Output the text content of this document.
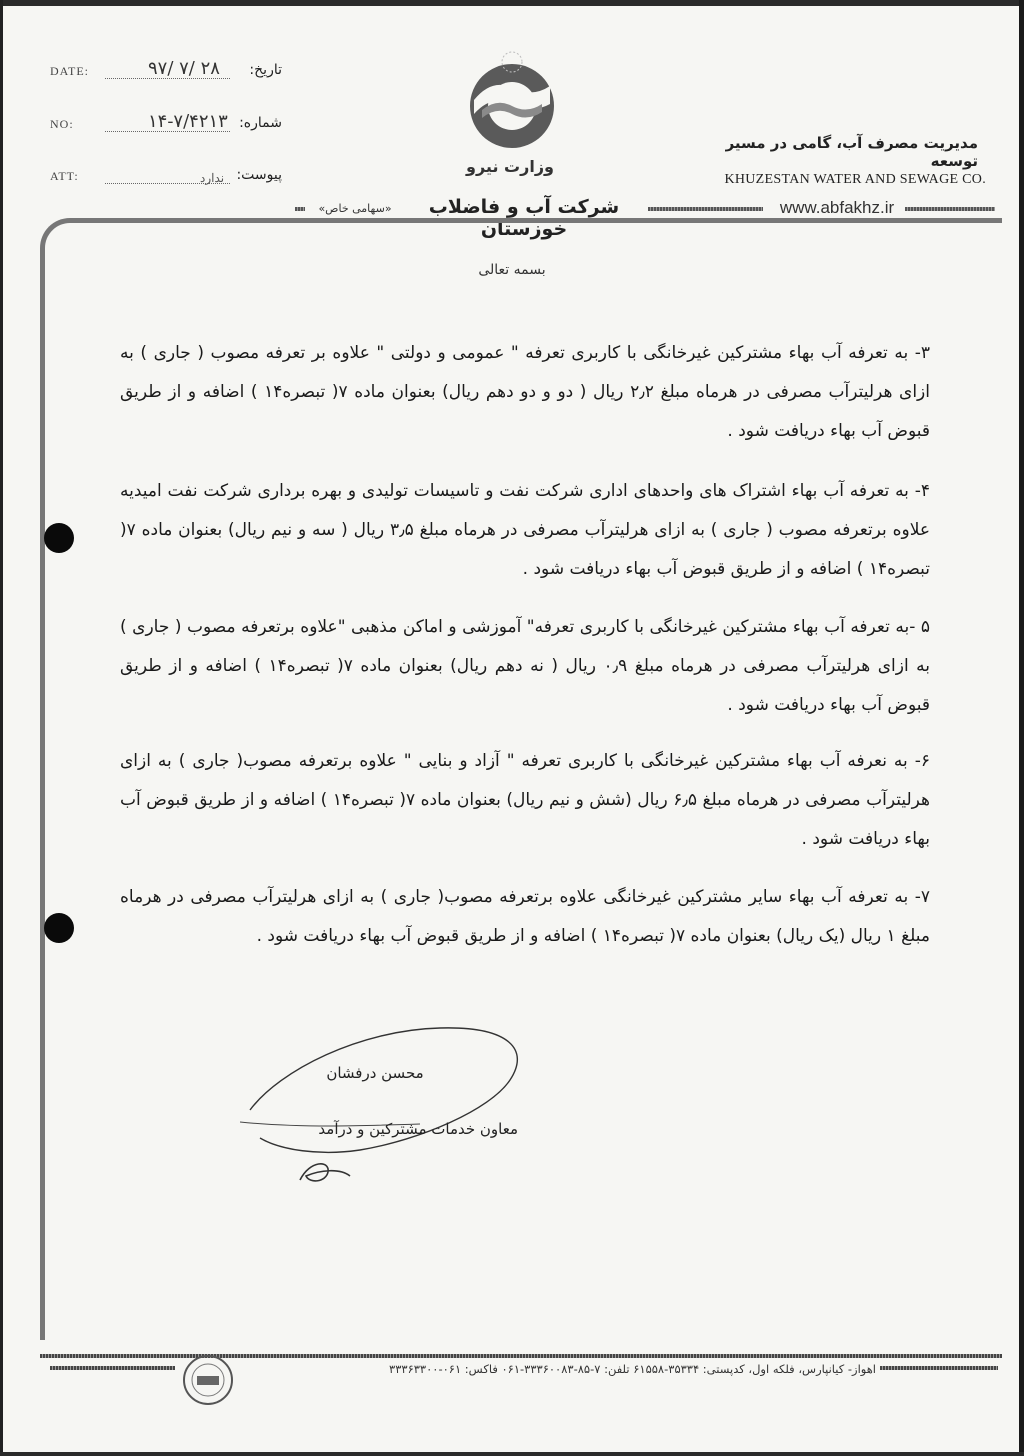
DATE:	۹۷/ ۷/ ۲۸ تاریخ:
NO:	۱۴-۷/۴۲۱۳ شماره:
ATT:	ندارد پیوست:	وزارت نیرو
مدیریت مصرف آب، گامی در مسیر توسعه
KHUZESTAN WATER AND SEWAGE CO.
«سهامی خاص»	شرکت آب و فاضلاب خوزستان
www.abfakhz.ir
بسمه تعالی

۳- به تعرفه آب بهاء مشترکین غیرخانگی با کاربری تعرفه " عمومی و دولتی " علاوه بر تعرفه مصوب ( جاری ) به ازای هرلیترآب مصرفی در هرماه مبلغ ۲٫۲ ریال ( دو و دو دهم ریال) بعنوان ماده ۷( تبصره۱۴ ) اضافه و از طریق قبوض آب بهاء دریافت شود .

۴- به تعرفه آب بهاء اشتراک های واحدهای اداری شرکت نفت و تاسیسات تولیدی و بهره برداری شرکت نفت امیدیه علاوه برتعرفه مصوب ( جاری ) به ازای هرلیترآب مصرفی در هرماه مبلغ ۳٫۵ ریال ( سه و نیم ریال) بعنوان ماده ۷( تبصره۱۴ ) اضافه و از طریق قبوض آب بهاء دریافت شود .

۵ -به تعرفه آب بهاء مشترکین غیرخانگی با کاربری تعرفه" آموزشی و اماکن مذهبی "علاوه برتعرفه مصوب ( جاری ) به ازای هرلیترآب مصرفی در هرماه مبلغ ۰٫۹ ریال ( نه دهم ریال) بعنوان ماده ۷( تبصره۱۴ ) اضافه و از طریق قبوض آب بهاء دریافت شود .

۶- به نعرفه آب بهاء مشترکین غیرخانگی با کاربری تعرفه " آزاد و بنایی " علاوه برتعرفه مصوب( جاری ) به ازای هرلیترآب مصرفی در هرماه مبلغ ۶٫۵ ریال (شش و نیم ریال) بعنوان ماده ۷( تبصره۱۴ ) اضافه و از طریق قبوض آب بهاء دریافت شود .

۷- به تعرفه آب بهاء سایر مشترکین غیرخانگی علاوه برتعرفه مصوب( جاری ) به ازای هرلیترآب مصرفی در هرماه مبلغ ۱ ریال (یک ریال) بعنوان ماده ۷( تبصره۱۴ ) اضافه و از طریق قبوض آب بهاء دریافت شود .

محسن درفشان
معاون خدمات مشترکین و درآمد
اهواز- کیانپارس، فلکه اول، کدپستی: ۳۵۳۳۴-۶۱۵۵۸ تلفن: ۷-۸۵-۳۳۳۶۰۰۸۳-۰۶۱ فاکس: ۰۶۱-۳۳۳۶۳۳۰۰
